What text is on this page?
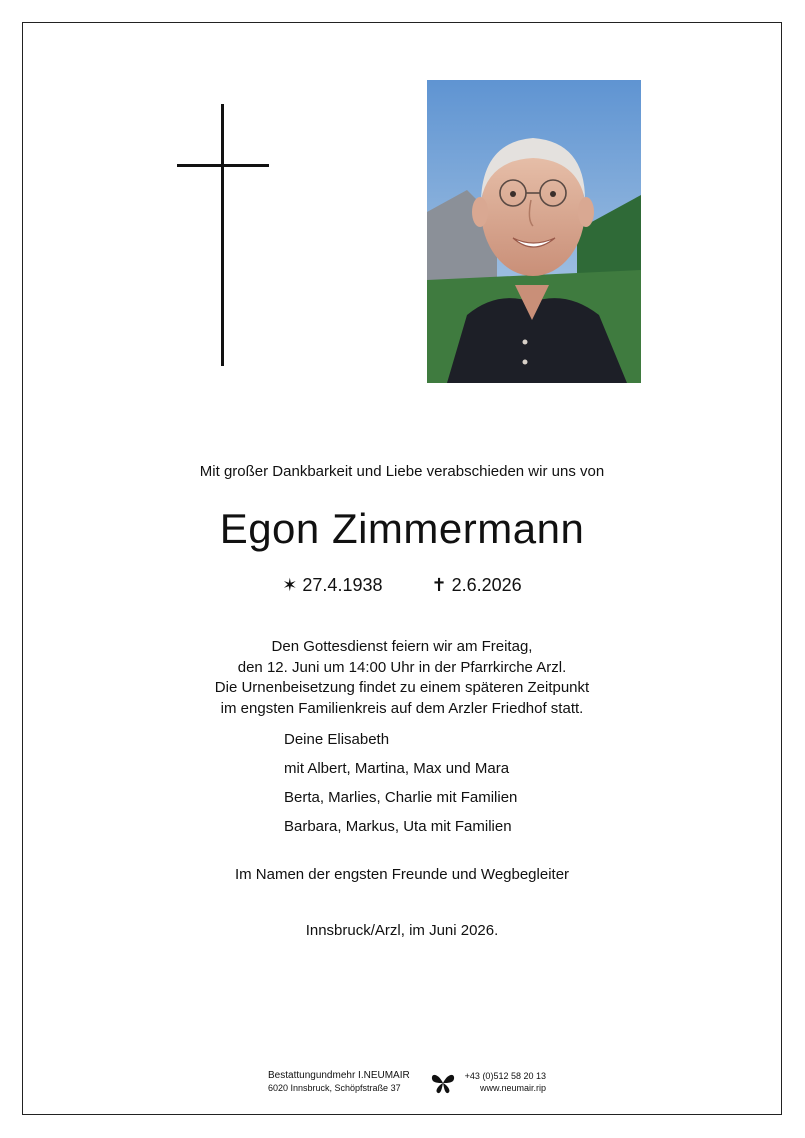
Mit großer Dankbarkeit und Liebe verabschieden wir uns von
Egon Zimmermann
✶ 27.4.1938	✝ 2.6.2026
Den Gottesdienst feiern wir am Freitag,
den 12. Juni um 14:00 Uhr in der Pfarrkirche Arzl.
Die Urnenbeisetzung findet zu einem späteren Zeitpunkt
im engsten Familienkreis auf dem Arzler Friedhof statt.
Deine Elisabeth
mit Albert, Martina, Max und Mara
Berta, Marlies, Charlie mit Familien
Barbara, Markus, Uta mit Familien
Im Namen der engsten Freunde und Wegbegleiter
Innsbruck/Arzl, im Juni 2026.
Bestattungundmehr I.NEUMAIR
6020 Innsbruck, Schöpfstraße 37
+43 (0)512 58 20 13
www.neumair.rip
